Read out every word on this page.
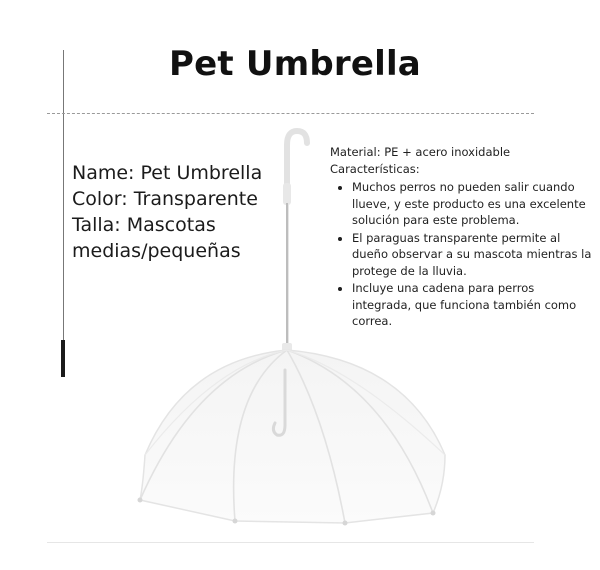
Pet Umbrella
Name: Pet Umbrella
Color: Transparente
Talla: Mascotas
medias/pequeñas

Material: PE + acero inoxidable

Características:

• Muchos perros no pueden salir cuando llueve, y este producto es una excelente solución para este problema.
• El paraguas transparente permite al dueño observar a su mascota mientras la protege de la lluvia.
• Incluye una cadena para perros integrada, que funciona también como correa.
